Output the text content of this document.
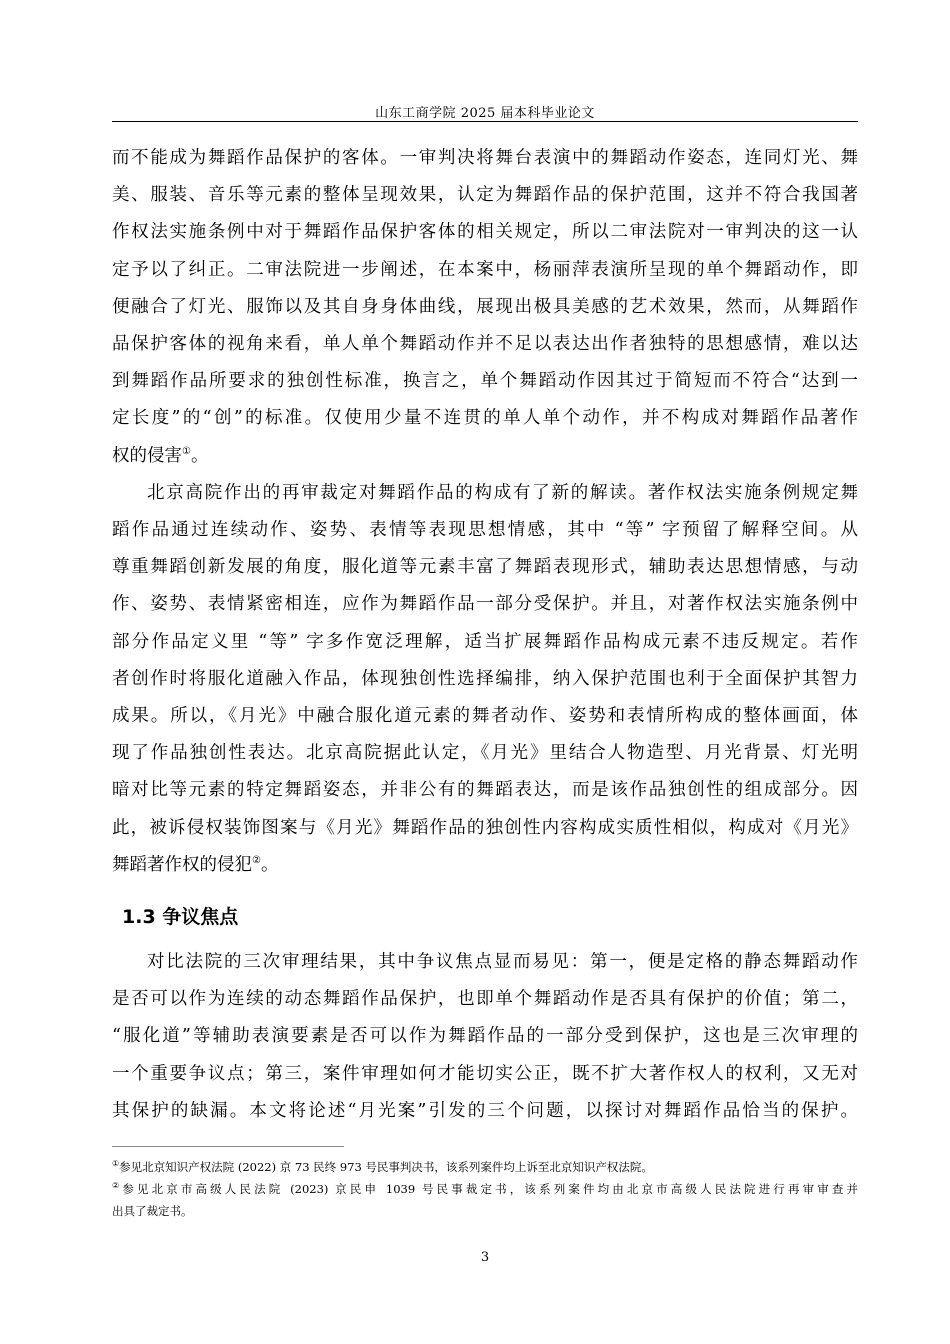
山东工商学院 2025 届本科毕业论文
而不能成为舞蹈作品保护的客体。一审判决将舞台表演中的舞蹈动作姿态，连同灯光、舞
美、服装、音乐等元素的整体呈现效果，认定为舞蹈作品的保护范围，这并不符合我国著
作权法实施条例中对于舞蹈作品保护客体的相关规定，所以二审法院对一审判决的这一认
定予以了纠正。二审法院进一步阐述，在本案中，杨丽萍表演所呈现的单个舞蹈动作，即
便融合了灯光、服饰以及其自身身体曲线，展现出极具美感的艺术效果，然而，从舞蹈作
品保护客体的视角来看，单人单个舞蹈动作并不足以表达出作者独特的思想感情，难以达
到舞蹈作品所要求的独创性标准，换言之，单个舞蹈动作因其过于简短而不符合“达到一
定长度”的“创”的标准。仅使用少量不连贯的单人单个动作，并不构成对舞蹈作品著作
权的侵害①。
北京高院作出的再审裁定对舞蹈作品的构成有了新的解读。著作权法实施条例规定舞
蹈作品通过连续动作、姿势、表情等表现思想情感，其中 “等” 字预留了解释空间。从
尊重舞蹈创新发展的角度，服化道等元素丰富了舞蹈表现形式，辅助表达思想情感，与动
作、姿势、表情紧密相连，应作为舞蹈作品一部分受保护。并且，对著作权法实施条例中
部分作品定义里 “等” 字多作宽泛理解，适当扩展舞蹈作品构成元素不违反规定。若作
者创作时将服化道融入作品，体现独创性选择编排，纳入保护范围也利于全面保护其智力
成果。所以，《月光》中融合服化道元素的舞者动作、姿势和表情所构成的整体画面，体
现了作品独创性表达。北京高院据此认定，《月光》里结合人物造型、月光背景、灯光明
暗对比等元素的特定舞蹈姿态，并非公有的舞蹈表达，而是该作品独创性的组成部分。因
此，被诉侵权装饰图案与《月光》舞蹈作品的独创性内容构成实质性相似，构成对《月光》
舞蹈著作权的侵犯②。
1.3 争议焦点
对比法院的三次审理结果，其中争议焦点显而易见：第一，便是定格的静态舞蹈动作
是否可以作为连续的动态舞蹈作品保护，也即单个舞蹈动作是否具有保护的价值；第二，
“服化道”等辅助表演要素是否可以作为舞蹈作品的一部分受到保护，这也是三次审理的
一个重要争议点；第三，案件审理如何才能切实公正，既不扩大著作权人的权利，又无对
其保护的缺漏。本文将论述“月光案”引发的三个问题，以探讨对舞蹈作品恰当的保护。
①参见北京知识产权法院 (2022) 京 73 民终 973 号民事判决书，该系列案件均上诉至北京知识产权法院。
②参见北京市高级人民法院 (2023) 京民申 1039 号民事裁定书，该系列案件均由北京市高级人民法院进行再审审查并
出具了裁定书。
3
